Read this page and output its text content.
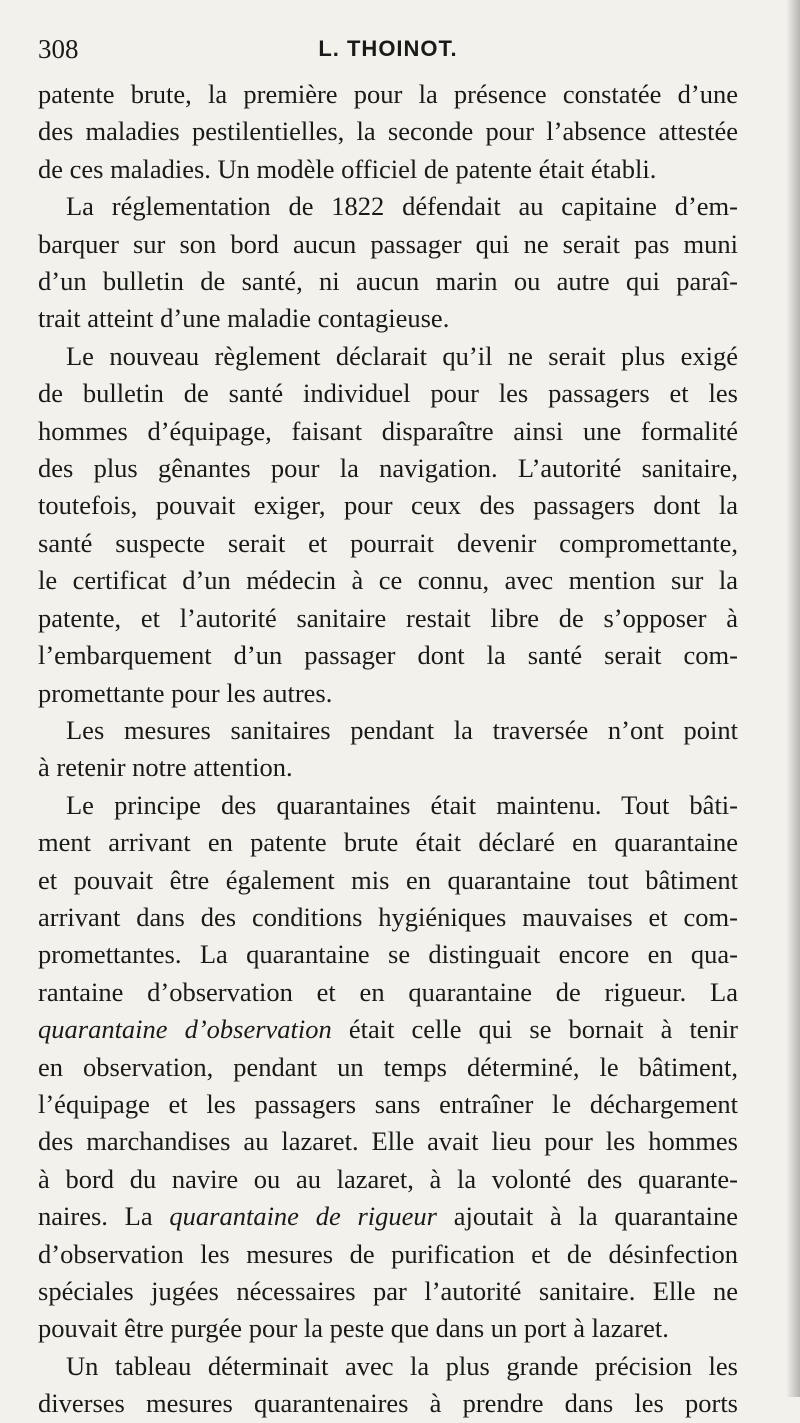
308	L. THOINOT.
patente brute, la première pour la présence constatée d’une
des maladies pestilentielles, la seconde pour l’absence attestée
de ces maladies. Un modèle officiel de patente était établi.
La réglementation de 1822 défendait au capitaine d’em-
barquer sur son bord aucun passager qui ne serait pas muni
d’un bulletin de santé, ni aucun marin ou autre qui paraî-
trait atteint d’une maladie contagieuse.
Le nouveau règlement déclarait qu’il ne serait plus exigé
de bulletin de santé individuel pour les passagers et les
hommes d’équipage, faisant disparaître ainsi une formalité
des plus gênantes pour la navigation. L’autorité sanitaire,
toutefois, pouvait exiger, pour ceux des passagers dont la
santé suspecte serait et pourrait devenir compromettante,
le certificat d’un médecin à ce connu, avec mention sur la
patente, et l’autorité sanitaire restait libre de s’opposer à
l’embarquement d’un passager dont la santé serait com-
promettante pour les autres.
Les mesures sanitaires pendant la traversée n’ont point
à retenir notre attention.
Le principe des quarantaines était maintenu. Tout bâti-
ment arrivant en patente brute était déclaré en quarantaine
et pouvait être également mis en quarantaine tout bâtiment
arrivant dans des conditions hygiéniques mauvaises et com-
promettantes. La quarantaine se distinguait encore en qua-
rantaine d’observation et en quarantaine de rigueur. La
quarantaine d’observation était celle qui se bornait à tenir
en observation, pendant un temps déterminé, le bâtiment,
l’équipage et les passagers sans entraîner le déchargement
des marchandises au lazaret. Elle avait lieu pour les hommes
à bord du navire ou au lazaret, à la volonté des quarante-
naires. La quarantaine de rigueur ajoutait à la quarantaine
d’observation les mesures de purification et de désinfection
spéciales jugées nécessaires par l’autorité sanitaire. Elle ne
pouvait être purgée pour la peste que dans un port à lazaret.
Un tableau déterminait avec la plus grande précision les
diverses mesures quarantenaires à prendre dans les ports
